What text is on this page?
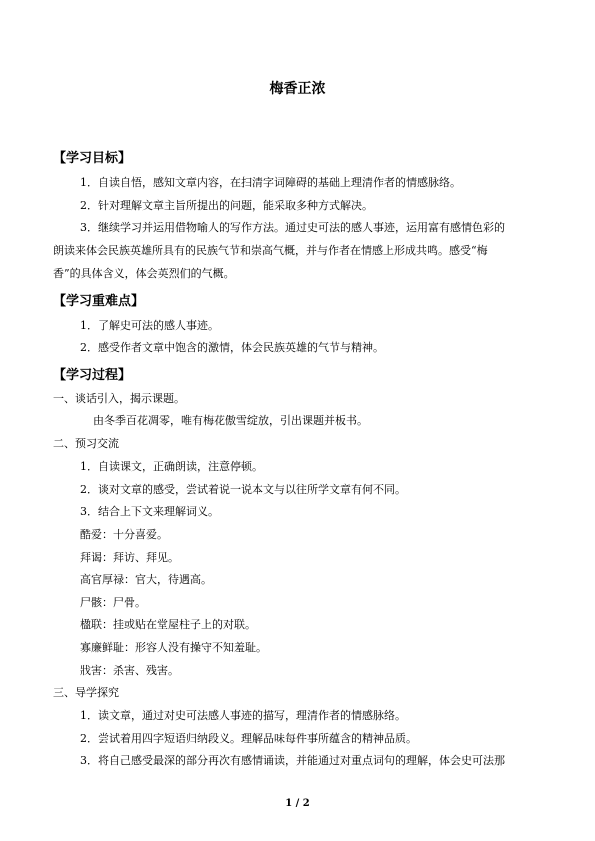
梅香正浓
【学习目标】
1．自读自悟，感知文章内容，在扫清字词障碍的基础上理清作者的情感脉络。
2．针对理解文章主旨所提出的问题，能采取多种方式解决。
3．继续学习并运用借物喻人的写作方法。通过史可法的感人事迹，运用富有感情色彩的
朗读来体会民族英雄所具有的民族气节和崇高气概，并与作者在情感上形成共鸣。感受“梅
香”的具体含义，体会英烈们的气概。
【学习重难点】
1．了解史可法的感人事迹。
2．感受作者文章中饱含的激情，体会民族英雄的气节与精神。
【学习过程】
一、谈话引入，揭示课题。
由冬季百花凋零，唯有梅花傲雪绽放，引出课题并板书。
二、预习交流
1．自读课文，正确朗读，注意停顿。
2．谈对文章的感受，尝试着说一说本文与以往所学文章有何不同。
3．结合上下文来理解词义。
酷爱：十分喜爱。
拜谒：拜访、拜见。
高官厚禄：官大，待遇高。
尸骸：尸骨。
楹联：挂或贴在堂屋柱子上的对联。
寡廉鲜耻：形容人没有操守不知羞耻。
戕害：杀害、残害。
三、导学探究
1．读文章，通过对史可法感人事迹的描写，理清作者的情感脉络。
2．尝试着用四字短语归纳段义。理解品味每件事所蕴含的精神品质。
3．将自己感受最深的部分再次有感情诵读，并能通过对重点词句的理解，体会史可法那
1 / 2
